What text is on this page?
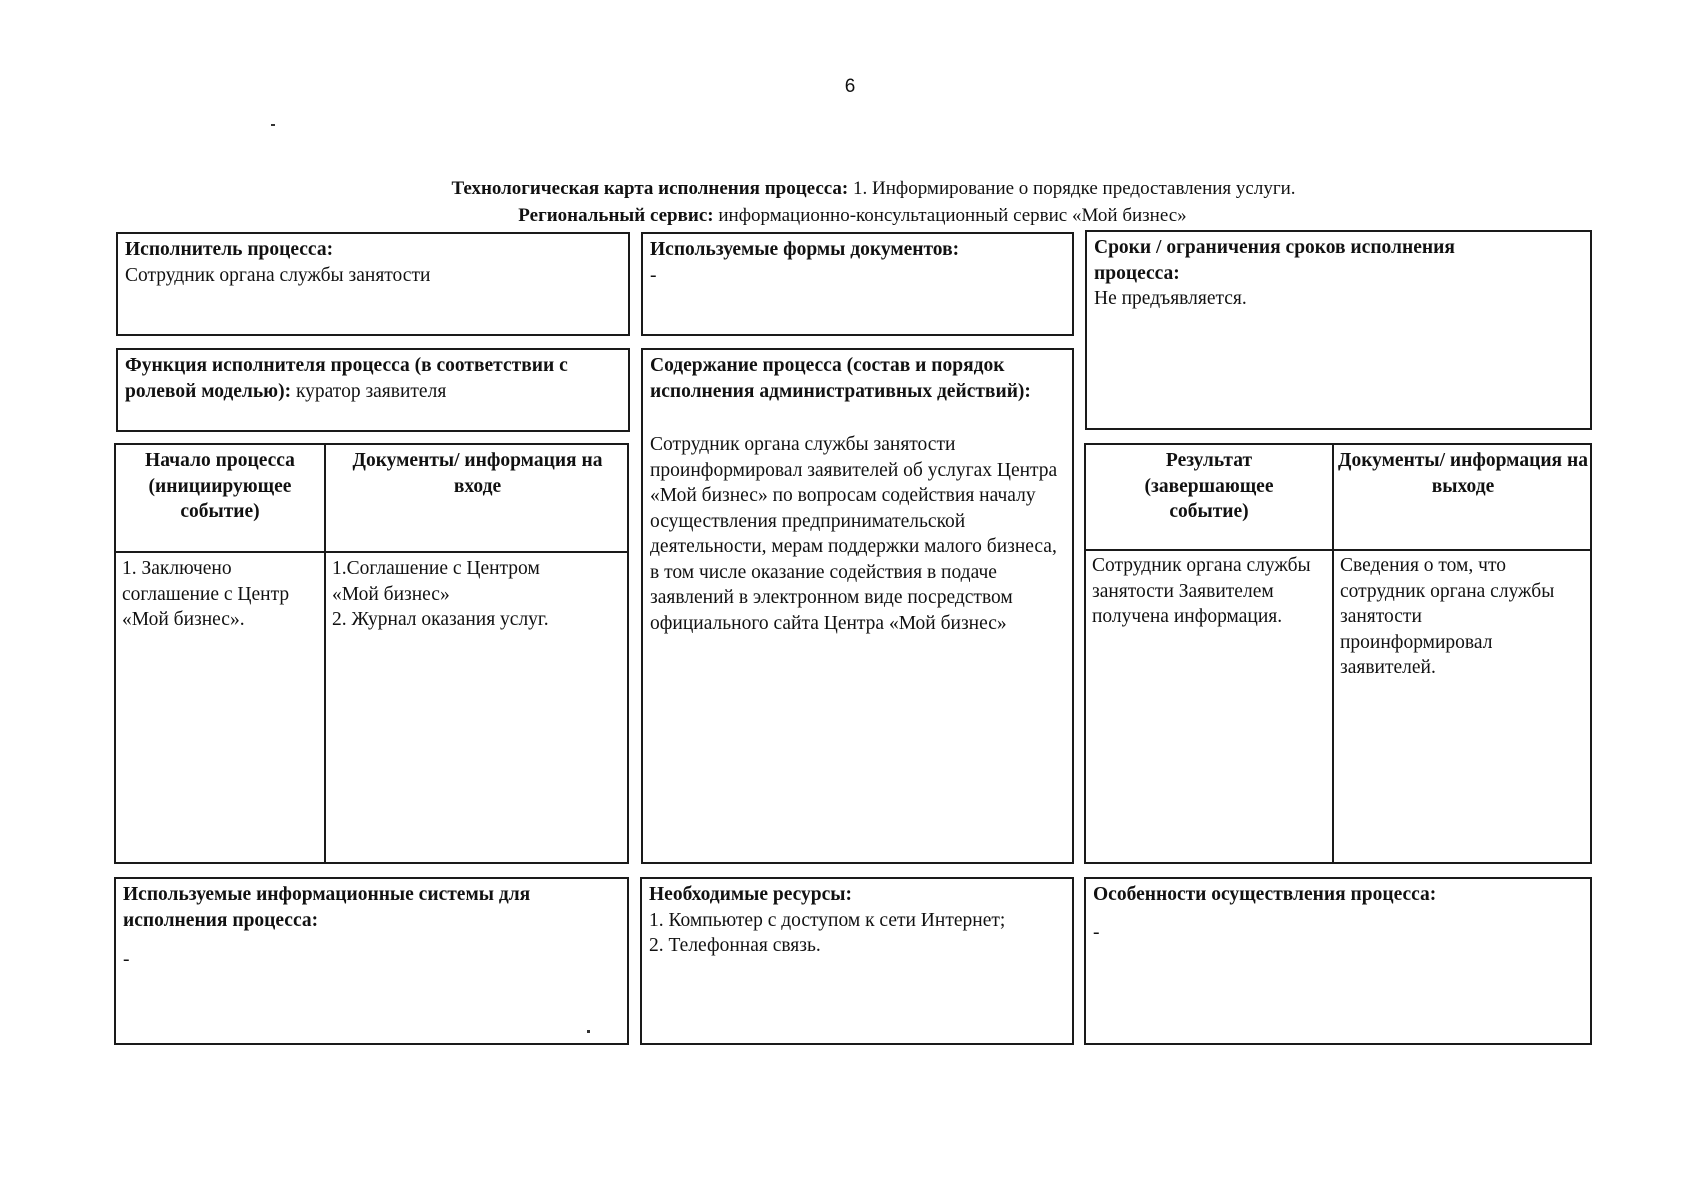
6
Технологическая карта исполнения процесса: 1. Информирование о порядке предоставления услуги.
Региональный сервис: информационно-консультационный сервис «Мой бизнес»
Исполнитель процесса:
Сотрудник органа службы занятости
Используемые формы документов:
-
Сроки / ограничения сроков исполнения процесса:
Не предъявляется.
Функция исполнителя процесса (в соответствии с ролевой моделью): куратор заявителя
Содержание процесса (состав и порядок исполнения административных действий):
Сотрудник органа службы занятости проинформировал заявителей об услугах Центра «Мой бизнес» по вопросам содействия началу осуществления предпринимательской деятельности, мерам поддержки малого бизнеса, в том числе оказание содействия в подаче заявлений в электронном виде посредством официального сайта Центра «Мой бизнес»
Начало процесса (инициирующее событие)
Документы/ информация на входе
1. Заключено соглашение с Центр «Мой бизнес».
1.Соглашение с Центром «Мой бизнес»
2. Журнал оказания услуг.
Результат (завершающее событие)
Документы/ информация на выходе
Сотрудник органа службы занятости Заявителем получена информация.
Сведения о том, что сотрудник органа службы занятости проинформировал заявителей.
Используемые информационные системы для исполнения процесса:
-
Необходимые ресурсы:
1. Компьютер с доступом к сети Интернет;
2. Телефонная связь.
Особенности осуществления процесса:
-
